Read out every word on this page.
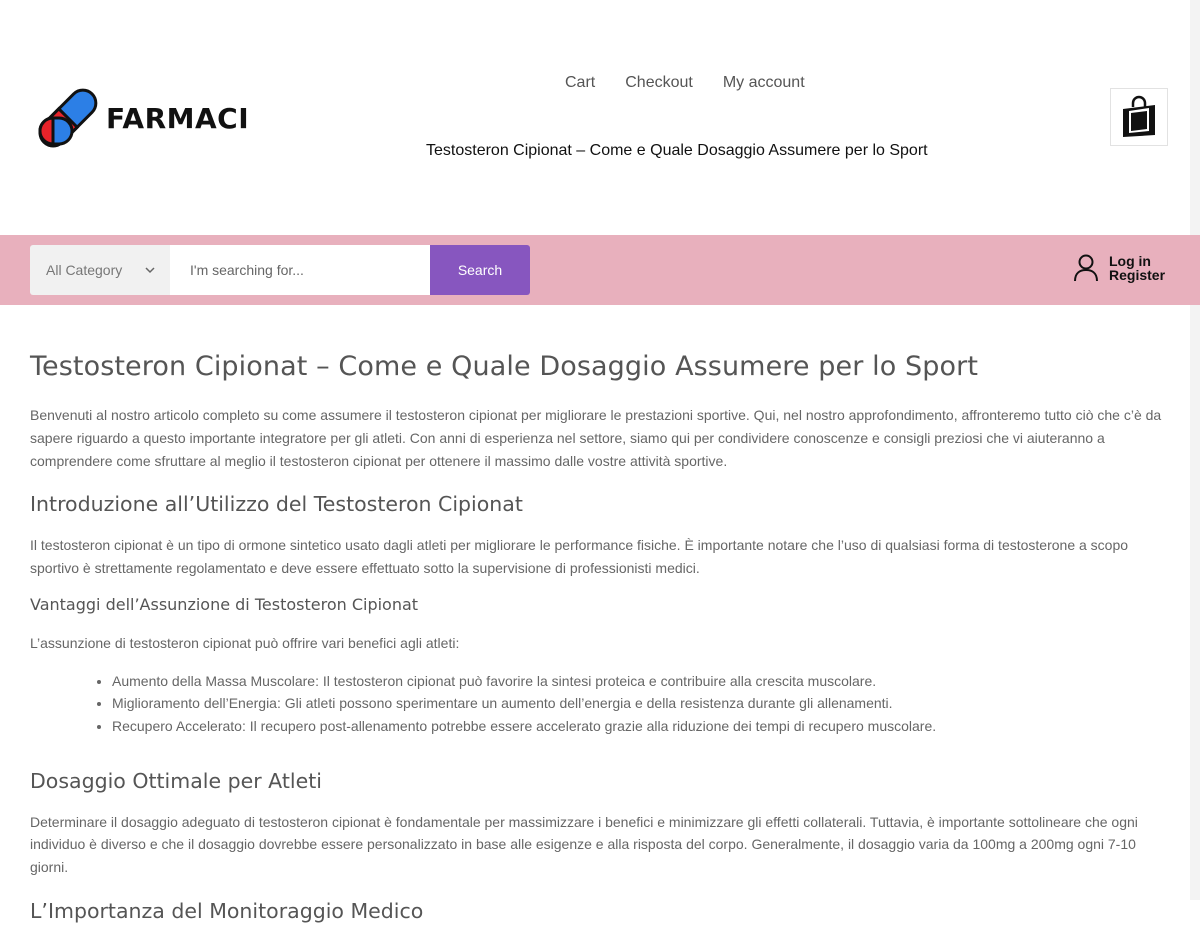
FARMACI
Cart Checkout My account
Testosteron Cipionat – Come e Quale Dosaggio Assumere per lo Sport
All Category
I'm searching for...	Search
Log in
Register
Testosteron Cipionat – Come e Quale Dosaggio Assumere per lo Sport

Benvenuti al nostro articolo completo su come assumere il testosteron cipionat per migliorare le prestazioni sportive. Qui, nel nostro approfondimento, affronteremo tutto ciò che c’è da sapere riguardo a questo importante integratore per gli atleti. Con anni di esperienza nel settore, siamo qui per condividere conoscenze e consigli preziosi che vi aiuteranno a comprendere come sfruttare al meglio il testosteron cipionat per ottenere il massimo dalle vostre attività sportive.

Introduzione all’Utilizzo del Testosteron Cipionat

Il testosteron cipionat è un tipo di ormone sintetico usato dagli atleti per migliorare le performance fisiche. È importante notare che l’uso di qualsiasi forma di testosterone a scopo sportivo è strettamente regolamentato e deve essere effettuato sotto la supervisione di professionisti medici.

Vantaggi dell’Assunzione di Testosteron Cipionat

L’assunzione di testosteron cipionat può offrire vari benefici agli atleti:

• Aumento della Massa Muscolare: Il testosteron cipionat può favorire la sintesi proteica e contribuire alla crescita muscolare.
• Miglioramento dell’Energia: Gli atleti possono sperimentare un aumento dell’energia e della resistenza durante gli allenamenti.
• Recupero Accelerato: Il recupero post-allenamento potrebbe essere accelerato grazie alla riduzione dei tempi di recupero muscolare.
Dosaggio Ottimale per Atleti

Determinare il dosaggio adeguato di testosteron cipionat è fondamentale per massimizzare i benefici e minimizzare gli effetti collaterali. Tuttavia, è importante sottolineare che ogni individuo è diverso e che il dosaggio dovrebbe essere personalizzato in base alle esigenze e alla risposta del corpo. Generalmente, il dosaggio varia da 100mg a 200mg ogni 7-10 giorni.

L’Importanza del Monitoraggio Medico
